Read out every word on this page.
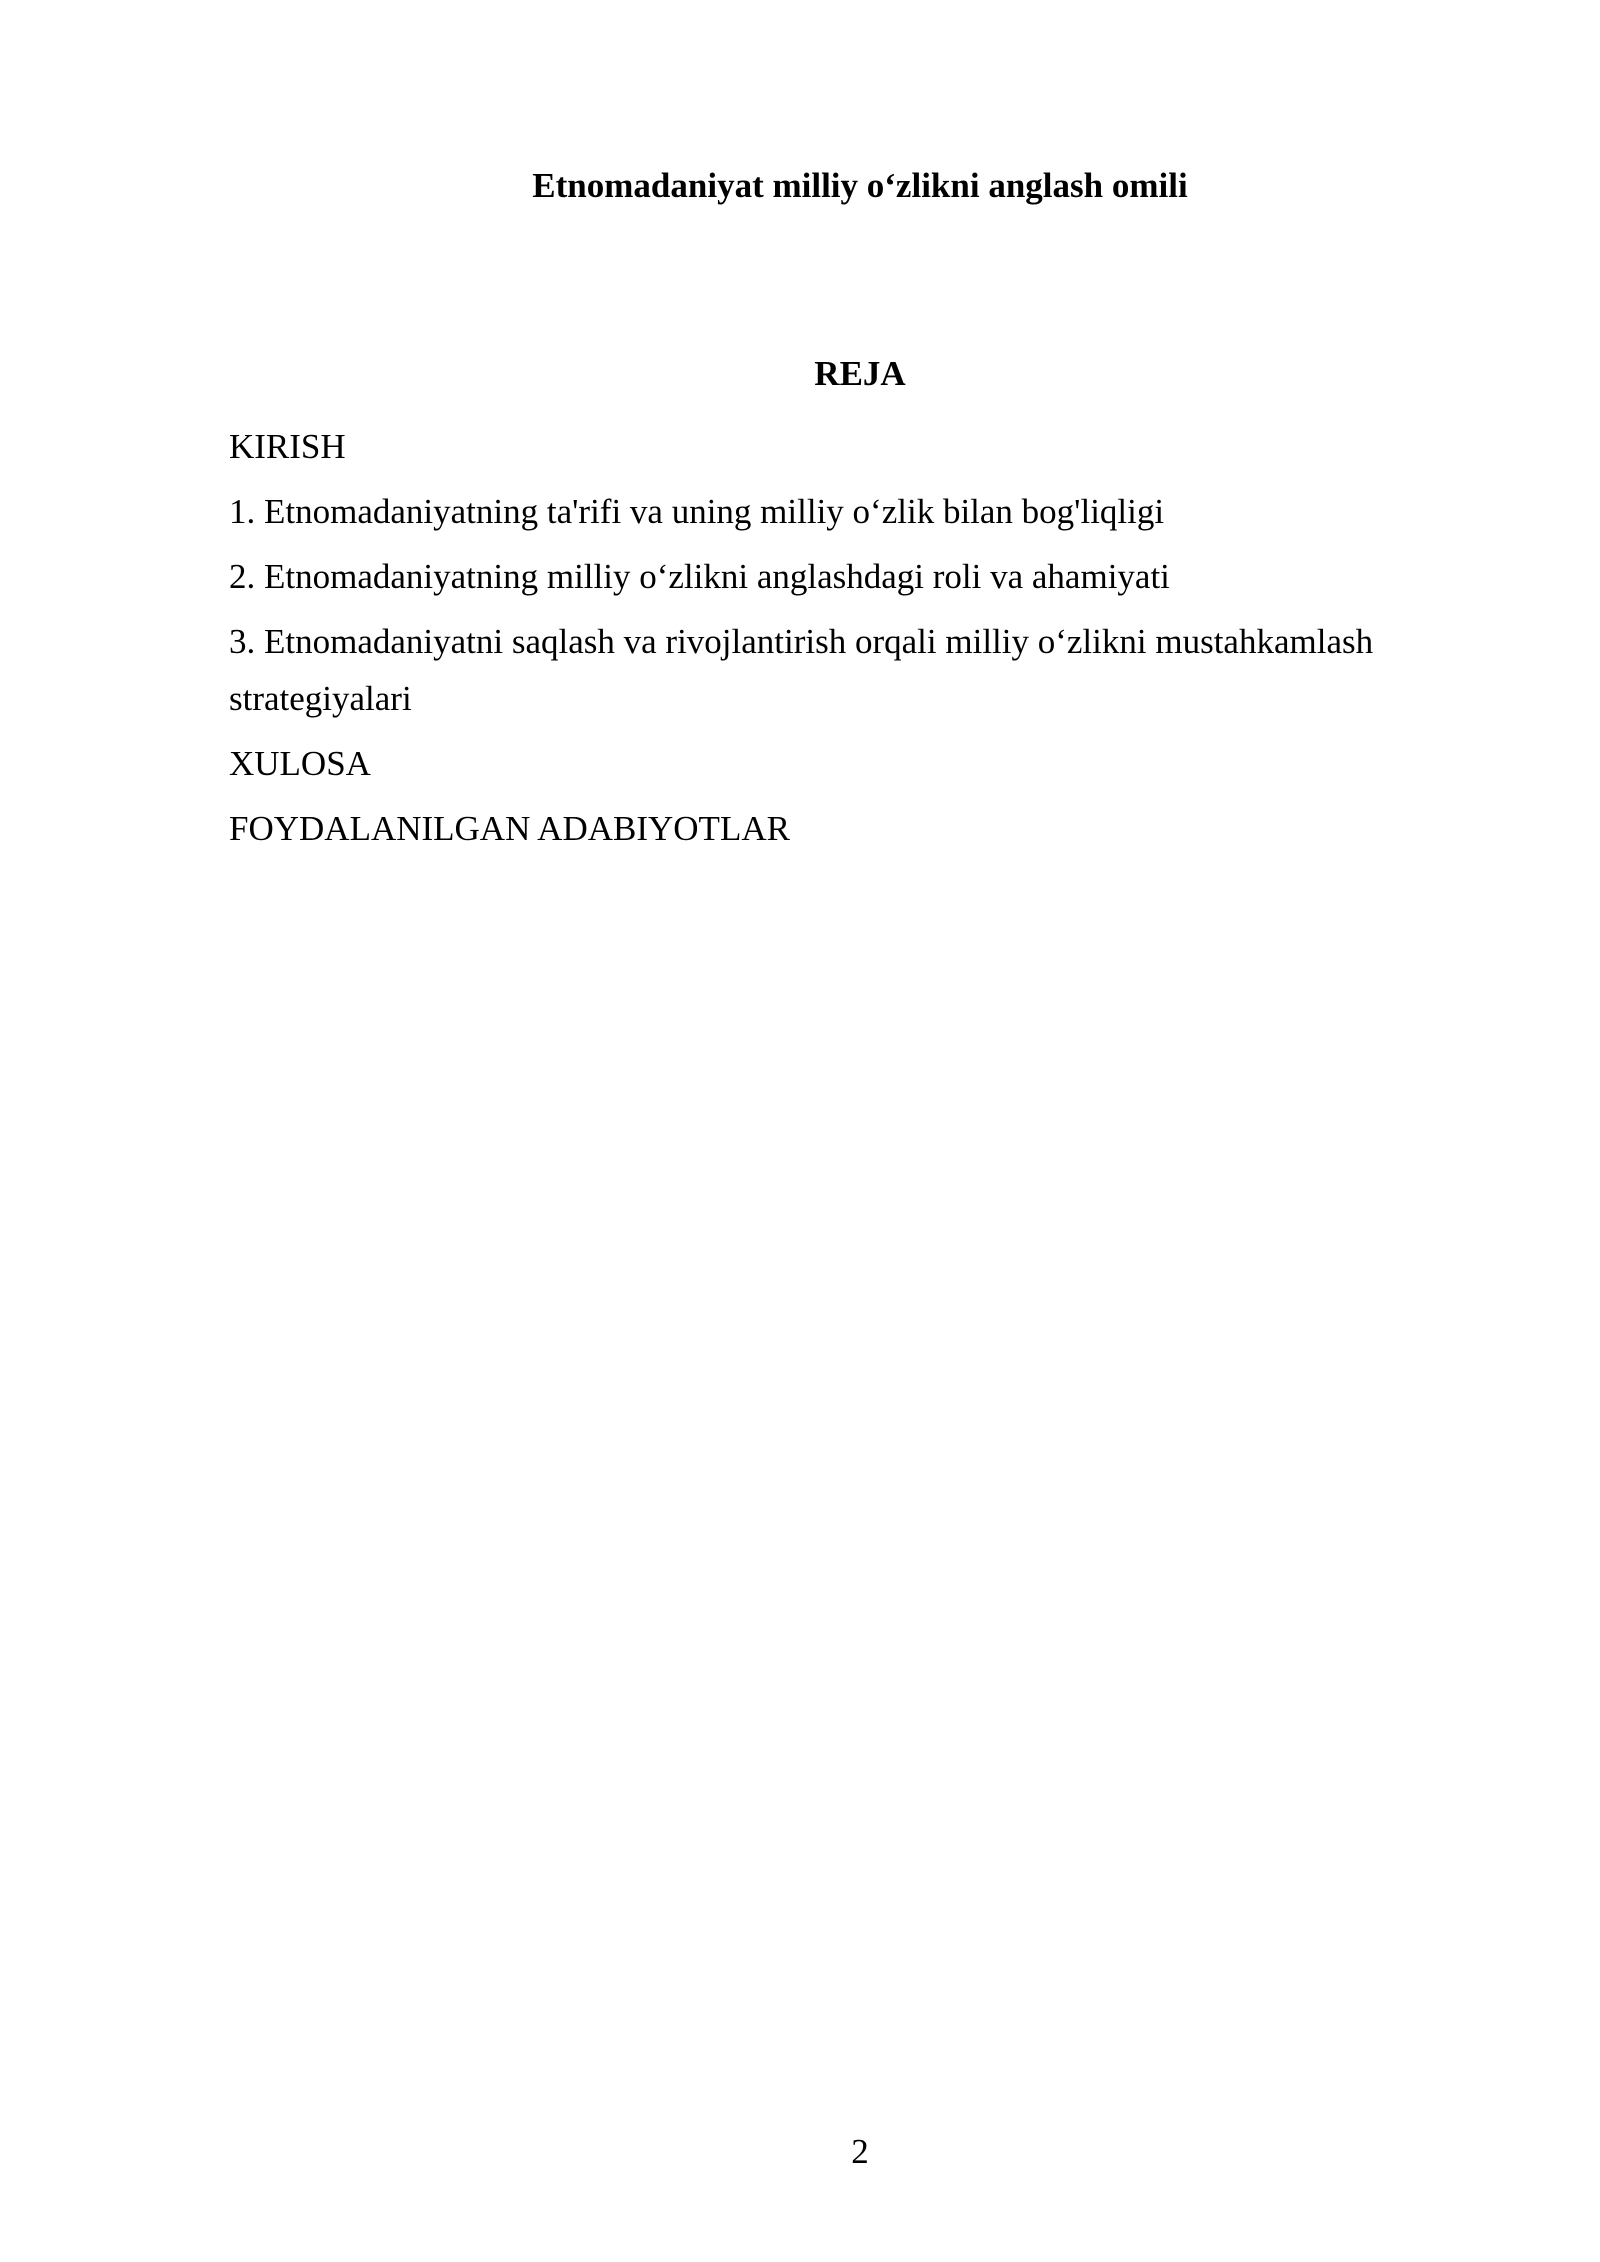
Etnomadaniyat milliy o‘zlikni anglash omili
REJA
KIRISH
1. Etnomadaniyatning ta'rifi va uning milliy o‘zlik bilan bog'liqligi
2. Etnomadaniyatning milliy o‘zlikni anglashdagi roli va ahamiyati
3. Etnomadaniyatni saqlash va rivojlantirish orqali milliy o‘zlikni mustahkamlash strategiyalari
XULOSA
FOYDALANILGAN ADABIYOTLAR
2
